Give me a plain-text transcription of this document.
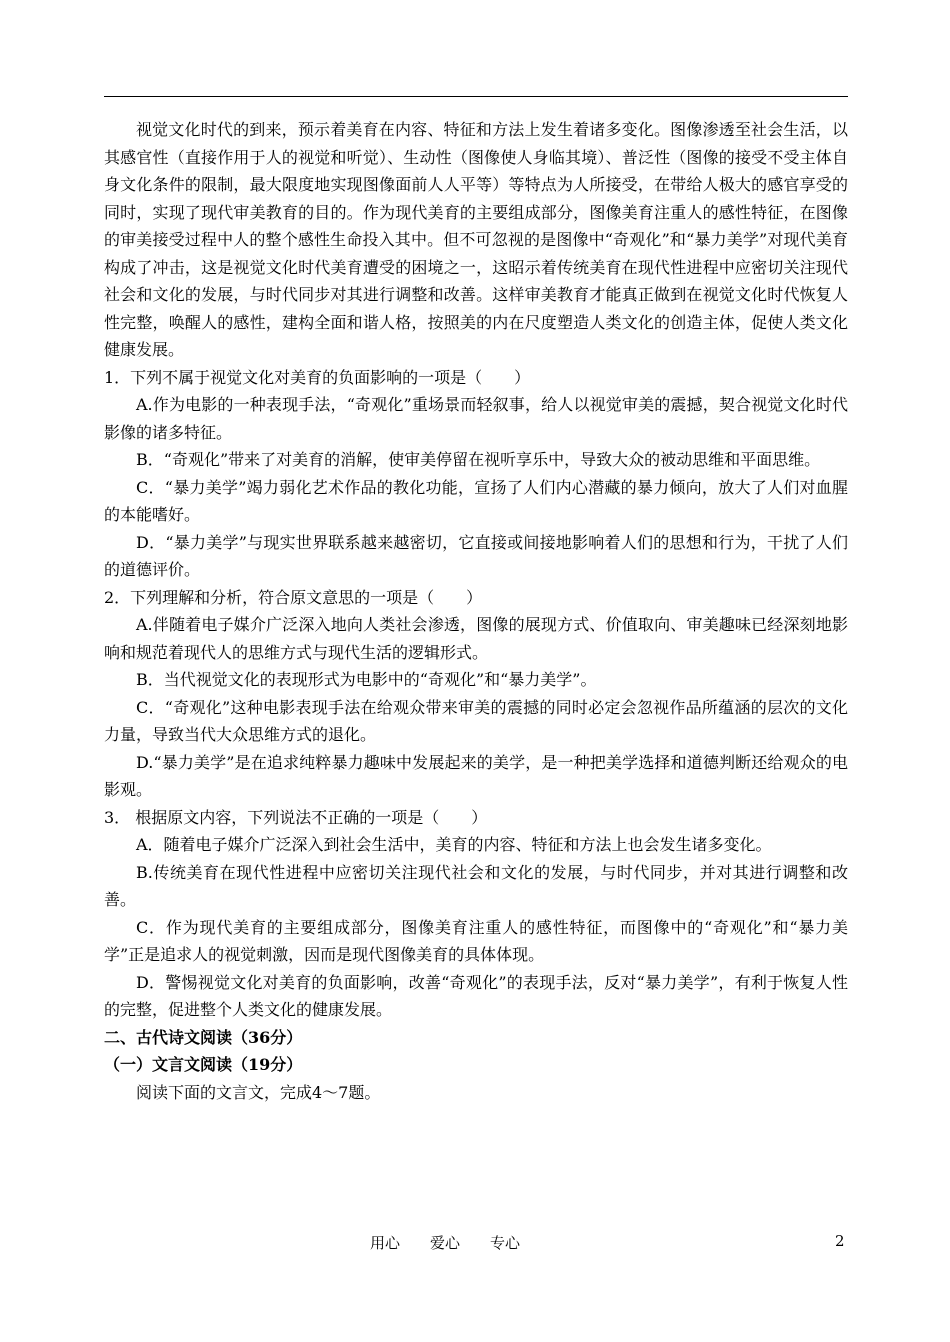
视觉文化时代的到来，预示着美育在内容、特征和方法上发生着诸多变化。图像渗透至社会生活，以其感官性（直接作用于人的视觉和听觉）、生动性（图像使人身临其境）、普泛性（图像的接受不受主体自身文化条件的限制，最大限度地实现图像面前人人平等）等特点为人所接受，在带给人极大的感官享受的同时，实现了现代审美教育的目的。作为现代美育的主要组成部分，图像美育注重人的感性特征，在图像的审美接受过程中人的整个感性生命投入其中。但不可忽视的是图像中“奇观化”和“暴力美学”对现代美育构成了冲击，这是视觉文化时代美育遭受的困境之一，这昭示着传统美育在现代性进程中应密切关注现代社会和文化的发展，与时代同步对其进行调整和改善。这样审美教育才能真正做到在视觉文化时代恢复人性完整，唤醒人的感性，建构全面和谐人格，按照美的内在尺度塑造人类文化的创造主体，促使人类文化健康发展。

1．下列不属于视觉文化对美育的负面影响的一项是（　　）

A.作为电影的一种表现手法，“奇观化”重场景而轻叙事，给人以视觉审美的震撼，契合视觉文化时代影像的诸多特征。

B．“奇观化”带来了对美育的消解，使审美停留在视听享乐中，导致大众的被动思维和平面思维。

C．“暴力美学”竭力弱化艺术作品的教化功能，宣扬了人们内心潜藏的暴力倾向，放大了人们对血腥的本能嗜好。

D．“暴力美学”与现实世界联系越来越密切，它直接或间接地影响着人们的思想和行为，干扰了人们的道德评价。

2．下列理解和分析，符合原文意思的一项是（　　）

A.伴随着电子媒介广泛深入地向人类社会渗透，图像的展现方式、价值取向、审美趣味已经深刻地影响和规范着现代人的思维方式与现代生活的逻辑形式。

B．当代视觉文化的表现形式为电影中的“奇观化”和“暴力美学”。

C．“奇观化”这种电影表现手法在给观众带来审美的震撼的同时必定会忽视作品所蕴涵的层次的文化力量，导致当代大众思维方式的退化。

D.“暴力美学”是在追求纯粹暴力趣味中发展起来的美学，是一种把美学选择和道德判断还给观众的电影观。

3． 根据原文内容，下列说法不正确的一项是（　　）

A．随着电子媒介广泛深入到社会生活中，美育的内容、特征和方法上也会发生诸多变化。

B.传统美育在现代性进程中应密切关注现代社会和文化的发展，与时代同步，并对其进行调整和改善。

C．作为现代美育的主要组成部分，图像美育注重人的感性特征，而图像中的“奇观化”和“暴力美学”正是追求人的视觉刺激，因而是现代图像美育的具体体现。

D．警惕视觉文化对美育的负面影响，改善“奇观化”的表现手法，反对“暴力美学”，有利于恢复人性的完整，促进整个人类文化的健康发展。

二、古代诗文阅读（36分）

（一）文言文阅读（19分）

阅读下面的文言文，完成4～7题。

用心 爱心 专心	2
